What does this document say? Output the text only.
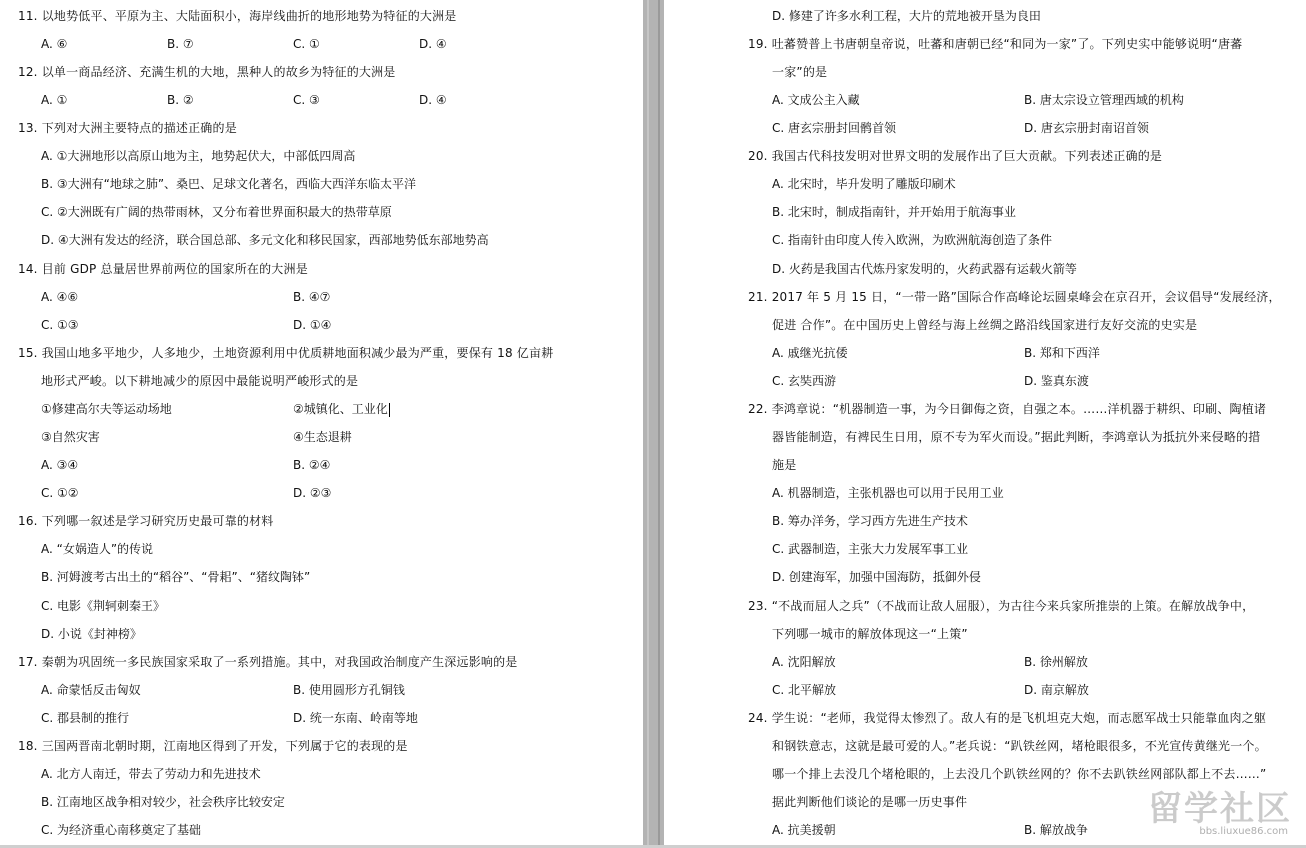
11. 以地势低平、平原为主、大陆面积小，海岸线曲折的地形地势为特征的大洲是
A. ⑥	B. ⑦	C. ①	D. ④
12. 以单一商品经济、充满生机的大地，黑种人的故乡为特征的大洲是
A. ①	B. ②	C. ③	D. ④
13. 下列对大洲主要特点的描述正确的是
A. ①大洲地形以高原山地为主，地势起伏大，中部低四周高
B. ③大洲有“地球之肺”、桑巴、足球文化著名，西临大西洋东临太平洋
C. ②大洲既有广阔的热带雨林，又分布着世界面积最大的热带草原
D. ④大洲有发达的经济，联合国总部、多元文化和移民国家，西部地势低东部地势高
14. 目前 GDP 总量居世界前两位的国家所在的大洲是
A. ④⑥	B. ④⑦
C. ①③	D. ①④
15. 我国山地多平地少，人多地少，土地资源利用中优质耕地面积减少最为严重，要保有 18 亿亩耕
地形式严峻。以下耕地减少的原因中最能说明严峻形式的是
①修建高尔夫等运动场地	②城镇化、工业化
③自然灾害	④生态退耕
A. ③④	B. ②④
C. ①②	D. ②③
16. 下列哪一叙述是学习研究历史最可靠的材料
A. “女娲造人”的传说
B. 河姆渡考古出土的“稻谷”、“骨耜”、“猪纹陶钵”
C. 电影《荆轲刺秦王》
D. 小说《封神榜》
17. 秦朝为巩固统一多民族国家采取了一系列措施。其中，对我国政治制度产生深远影响的是
A. 命蒙恬反击匈奴	B. 使用圆形方孔铜钱
C. 郡县制的推行	D. 统一东南、岭南等地
18. 三国两晋南北朝时期，江南地区得到了开发，下列属于它的表现的是
A. 北方人南迁，带去了劳动力和先进技术
B. 江南地区战争相对较少，社会秩序比较安定
C. 为经济重心南移奠定了基础
D. 修建了许多水利工程，大片的荒地被开垦为良田
19. 吐蕃赞普上书唐朝皇帝说，吐蕃和唐朝已经“和同为一家”了。下列史实中能够说明“唐蕃
一家”的是
A. 文成公主入藏	B. 唐太宗设立管理西域的机构
C. 唐玄宗册封回鹘首领	D. 唐玄宗册封南诏首领
20. 我国古代科技发明对世界文明的发展作出了巨大贡献。下列表述正确的是
A. 北宋时，毕升发明了雕版印刷术
B. 北宋时，制成指南针，并开始用于航海事业
C. 指南针由印度人传入欧洲，为欧洲航海创造了条件
D. 火药是我国古代炼丹家发明的，火药武器有运载火箭等
21. 2017 年 5 月 15 日，“一带一路”国际合作高峰论坛圆桌峰会在京召开，会议倡导“发展经济，
促进 合作”。在中国历史上曾经与海上丝绸之路沿线国家进行友好交流的史实是
A. 戚继光抗倭	B. 郑和下西洋
C. 玄奘西游	D. 鉴真东渡
22. 李鸿章说：“机器制造一事，为今日御侮之资，自强之本。……洋机器于耕织、印刷、陶植诸
器皆能制造，有裨民生日用，原不专为军火而设。”据此判断，李鸿章认为抵抗外来侵略的措
施是
A. 机器制造，主张机器也可以用于民用工业
B. 筹办洋务，学习西方先进生产技术
C. 武器制造，主张大力发展军事工业
D. 创建海军，加强中国海防，抵御外侵
23. “不战而屈人之兵”（不战而让敌人屈服），为古往今来兵家所推崇的上策。在解放战争中，
下列哪一城市的解放体现这一“上策”
A. 沈阳解放	B. 徐州解放
C. 北平解放	D. 南京解放
24. 学生说：“老师，我觉得太惨烈了。敌人有的是飞机坦克大炮，而志愿军战士只能靠血肉之躯
和钢铁意志，这就是最可爱的人。”老兵说：“趴铁丝网，堵枪眼很多，不光宣传黄继光一个。
哪一个排上去没几个堵枪眼的，上去没几个趴铁丝网的？你不去趴铁丝网部队都上不去……”
据此判断他们谈论的是哪一历史事件
A. 抗美援朝	B. 解放战争
留学社区
bbs.liuxue86.com
